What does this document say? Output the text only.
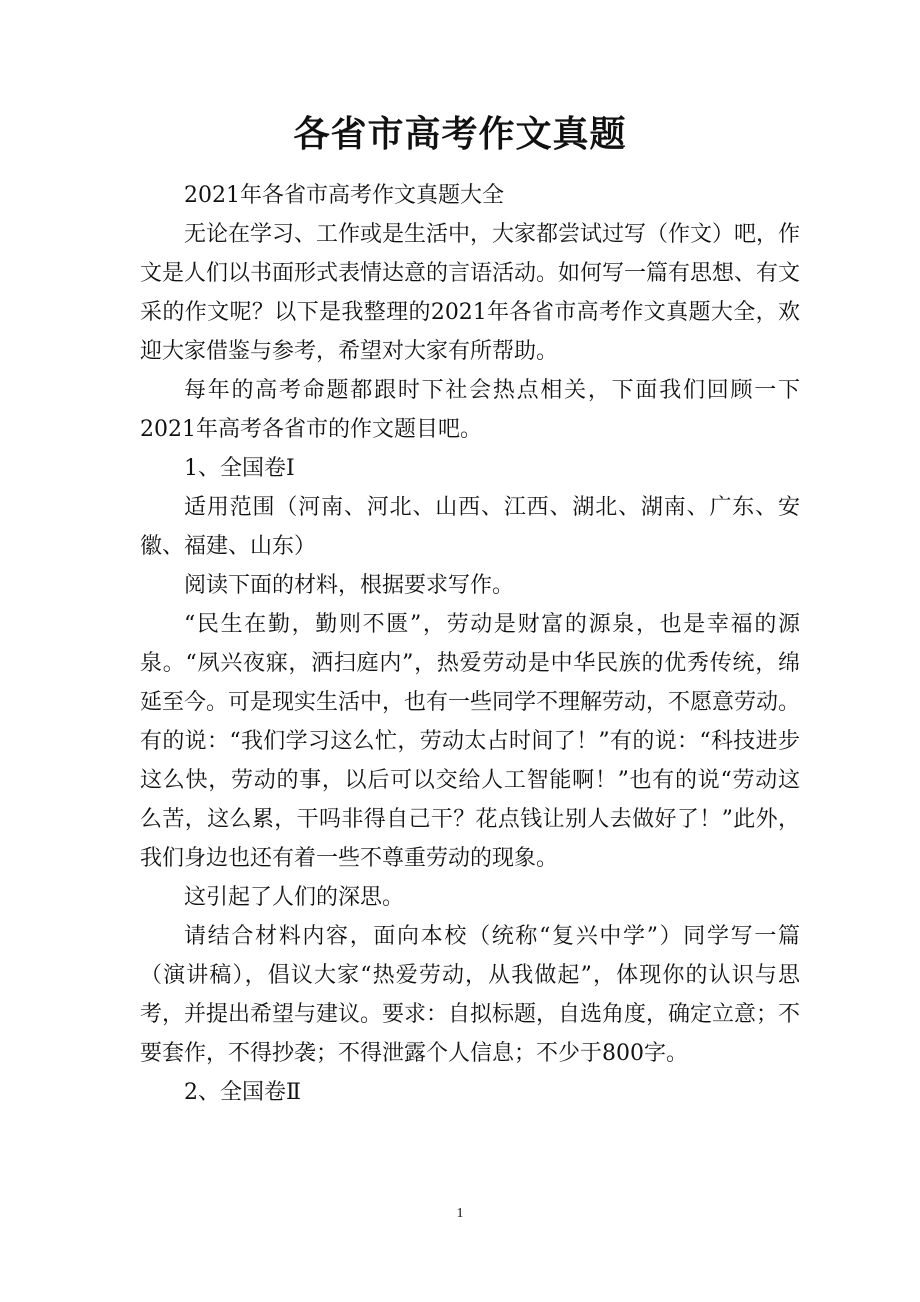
各省市高考作文真题

2021年各省市高考作文真题大全

无论在学习、工作或是生活中，大家都尝试过写（作文）吧，作文是人们以书面形式表情达意的言语活动。如何写一篇有思想、有文采的作文呢？以下是我整理的2021年各省市高考作文真题大全，欢迎大家借鉴与参考，希望对大家有所帮助。

每年的高考命题都跟时下社会热点相关，下面我们回顾一下2021年高考各省市的作文题目吧。

1、全国卷Ⅰ

适用范围（河南、河北、山西、江西、湖北、湖南、广东、安徽、福建、山东）

阅读下面的材料，根据要求写作。

“民生在勤，勤则不匮”，劳动是财富的源泉，也是幸福的源泉。“夙兴夜寐，洒扫庭内”，热爱劳动是中华民族的优秀传统，绵延至今。可是现实生活中，也有一些同学不理解劳动，不愿意劳动。有的说：“我们学习这么忙，劳动太占时间了！”有的说：“科技进步这么快，劳动的事，以后可以交给人工智能啊！”也有的说“劳动这么苦，这么累，干吗非得自己干？花点钱让别人去做好了！”此外，我们身边也还有着一些不尊重劳动的现象。

这引起了人们的深思。

请结合材料内容，面向本校（统称“复兴中学”）同学写一篇（演讲稿），倡议大家“热爱劳动，从我做起”，体现你的认识与思考，并提出希望与建议。要求：自拟标题，自选角度，确定立意；不要套作，不得抄袭；不得泄露个人信息；不少于800字。

2、全国卷Ⅱ

1
